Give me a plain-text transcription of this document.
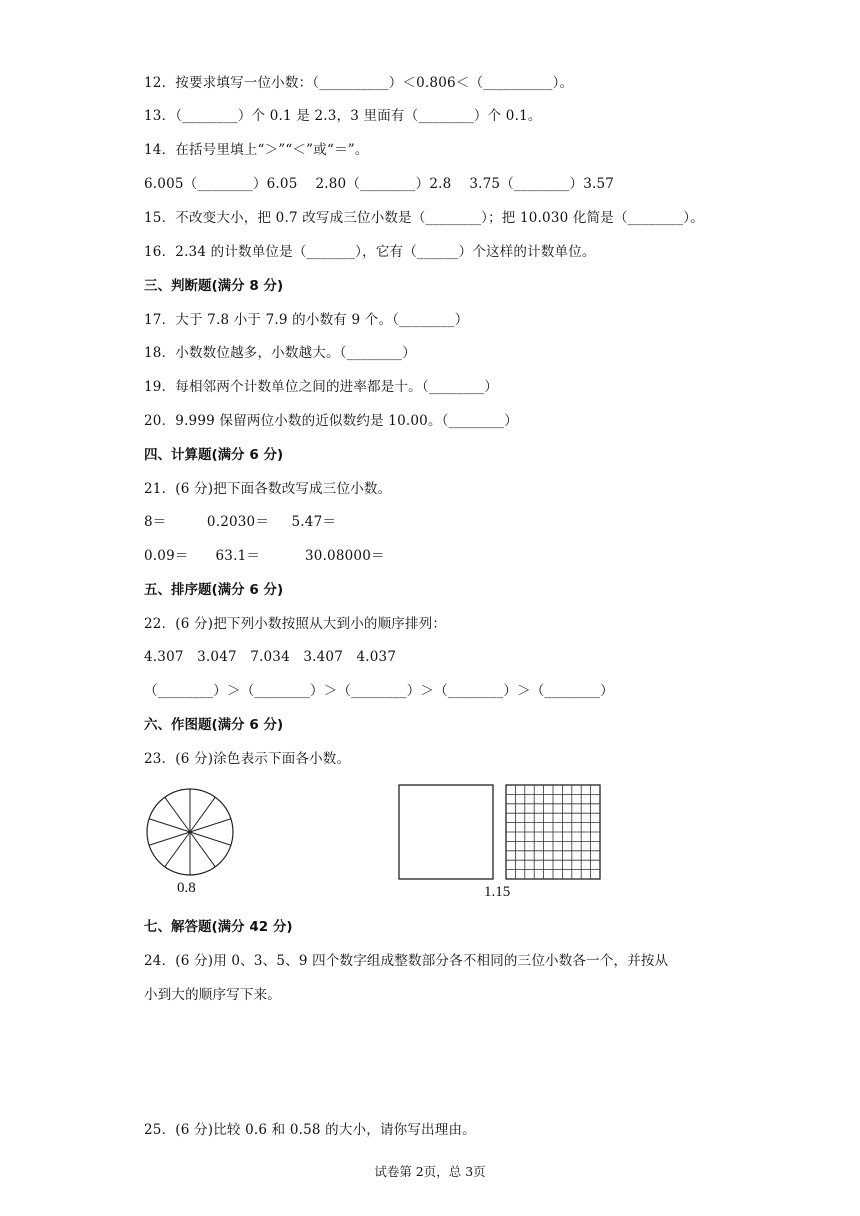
12．按要求填写一位小数：（__________）＜0.806＜（__________）。
13．（________）个 0.1 是 2.3，3 里面有（________）个 0.1。
14．在括号里填上“＞”“＜”或“＝”。
6.005（________）6.05    2.80（________）2.8    3.75（________）3.57
15．不改变大小，把 0.7 改写成三位小数是（________）；把 10.030 化简是（________）。
16．2.34 的计数单位是（_______），它有（______）个这样的计数单位。
三、判断题(满分 8 分)
17．大于 7.8 小于 7.9 的小数有 9 个。（________）
18．小数数位越多，小数越大。（________）
19．每相邻两个计数单位之间的进率都是十。（________）
20．9.999 保留两位小数的近似数约是 10.00。（________）
四、计算题(满分 6 分)
21．(6 分)把下面各数改写成三位小数。
8＝         0.2030＝     5.47＝
0.09＝      63.1＝          30.08000＝
五、排序题(满分 6 分)
22．(6 分)把下列小数按照从大到小的顺序排列：
4.307   3.047   7.034   3.407   4.037
（________）＞（________）＞（________）＞（________）＞（________）
六、作图题(满分 6 分)
23．(6 分)涂色表示下面各小数。
0.8	1.15
七、解答题(满分 42 分)
24．(6 分)用 0、3、5、9 四个数字组成整数部分各不相同的三位小数各一个，并按从
小到大的顺序写下来。
25．(6 分)比较 0.6 和 0.58 的大小，请你写出理由。
试卷第 2页，总 3页
